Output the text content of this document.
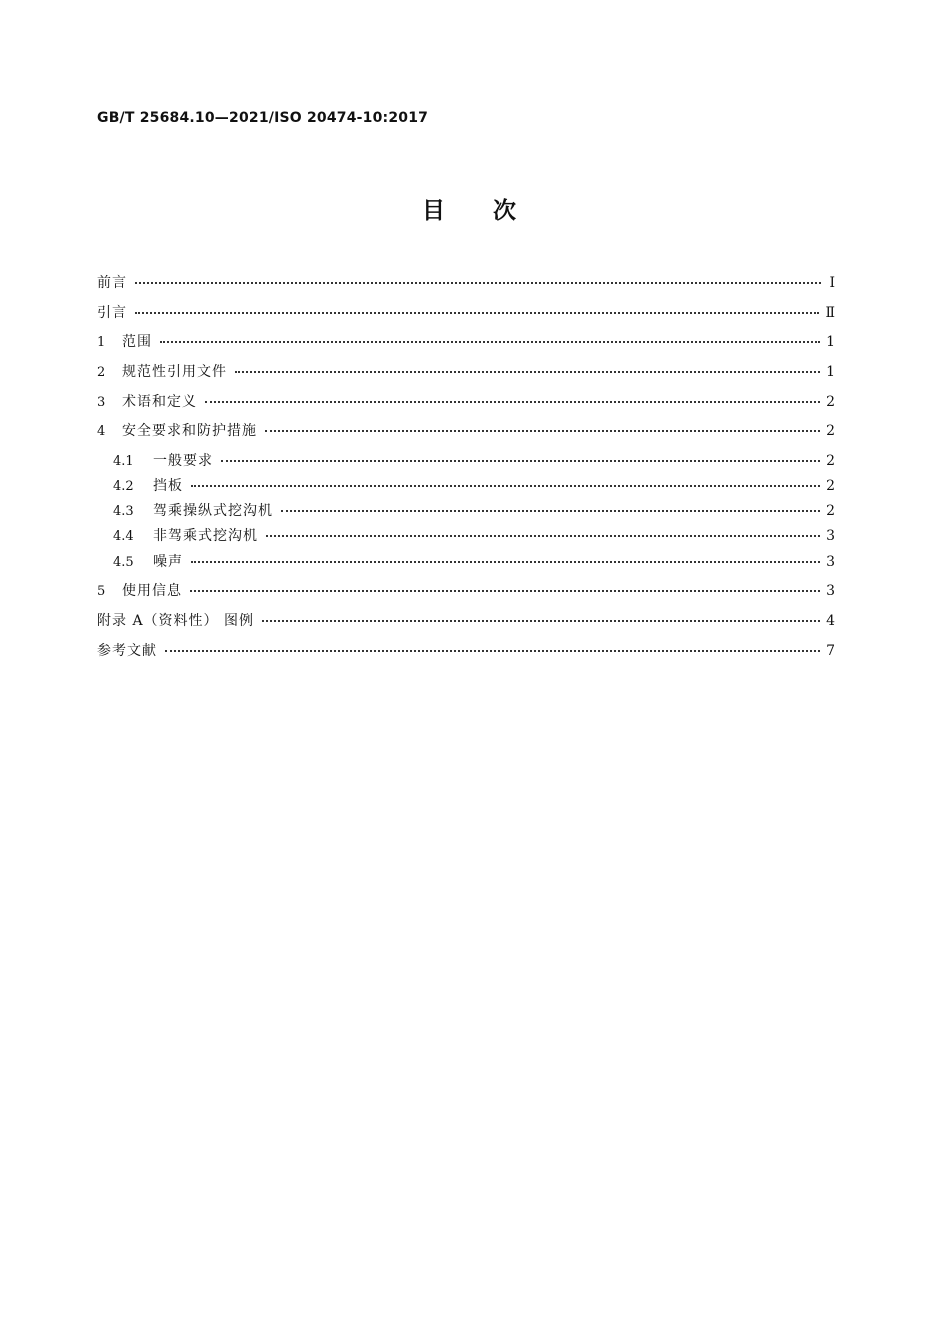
GB/T 25684.10—2021/ISO 20474-10:2017
目次
前言	Ⅰ
引言	Ⅱ
1	范围	1
2	规范性引用文件	1
3	术语和定义	2
4	安全要求和防护措施	2
4.1	一般要求	2
4.2	挡板	2
4.3	驾乘操纵式挖沟机	2
4.4	非驾乘式挖沟机	3
4.5	噪声	3
5	使用信息	3
附录 A（资料性） 图例	4
参考文献	7
